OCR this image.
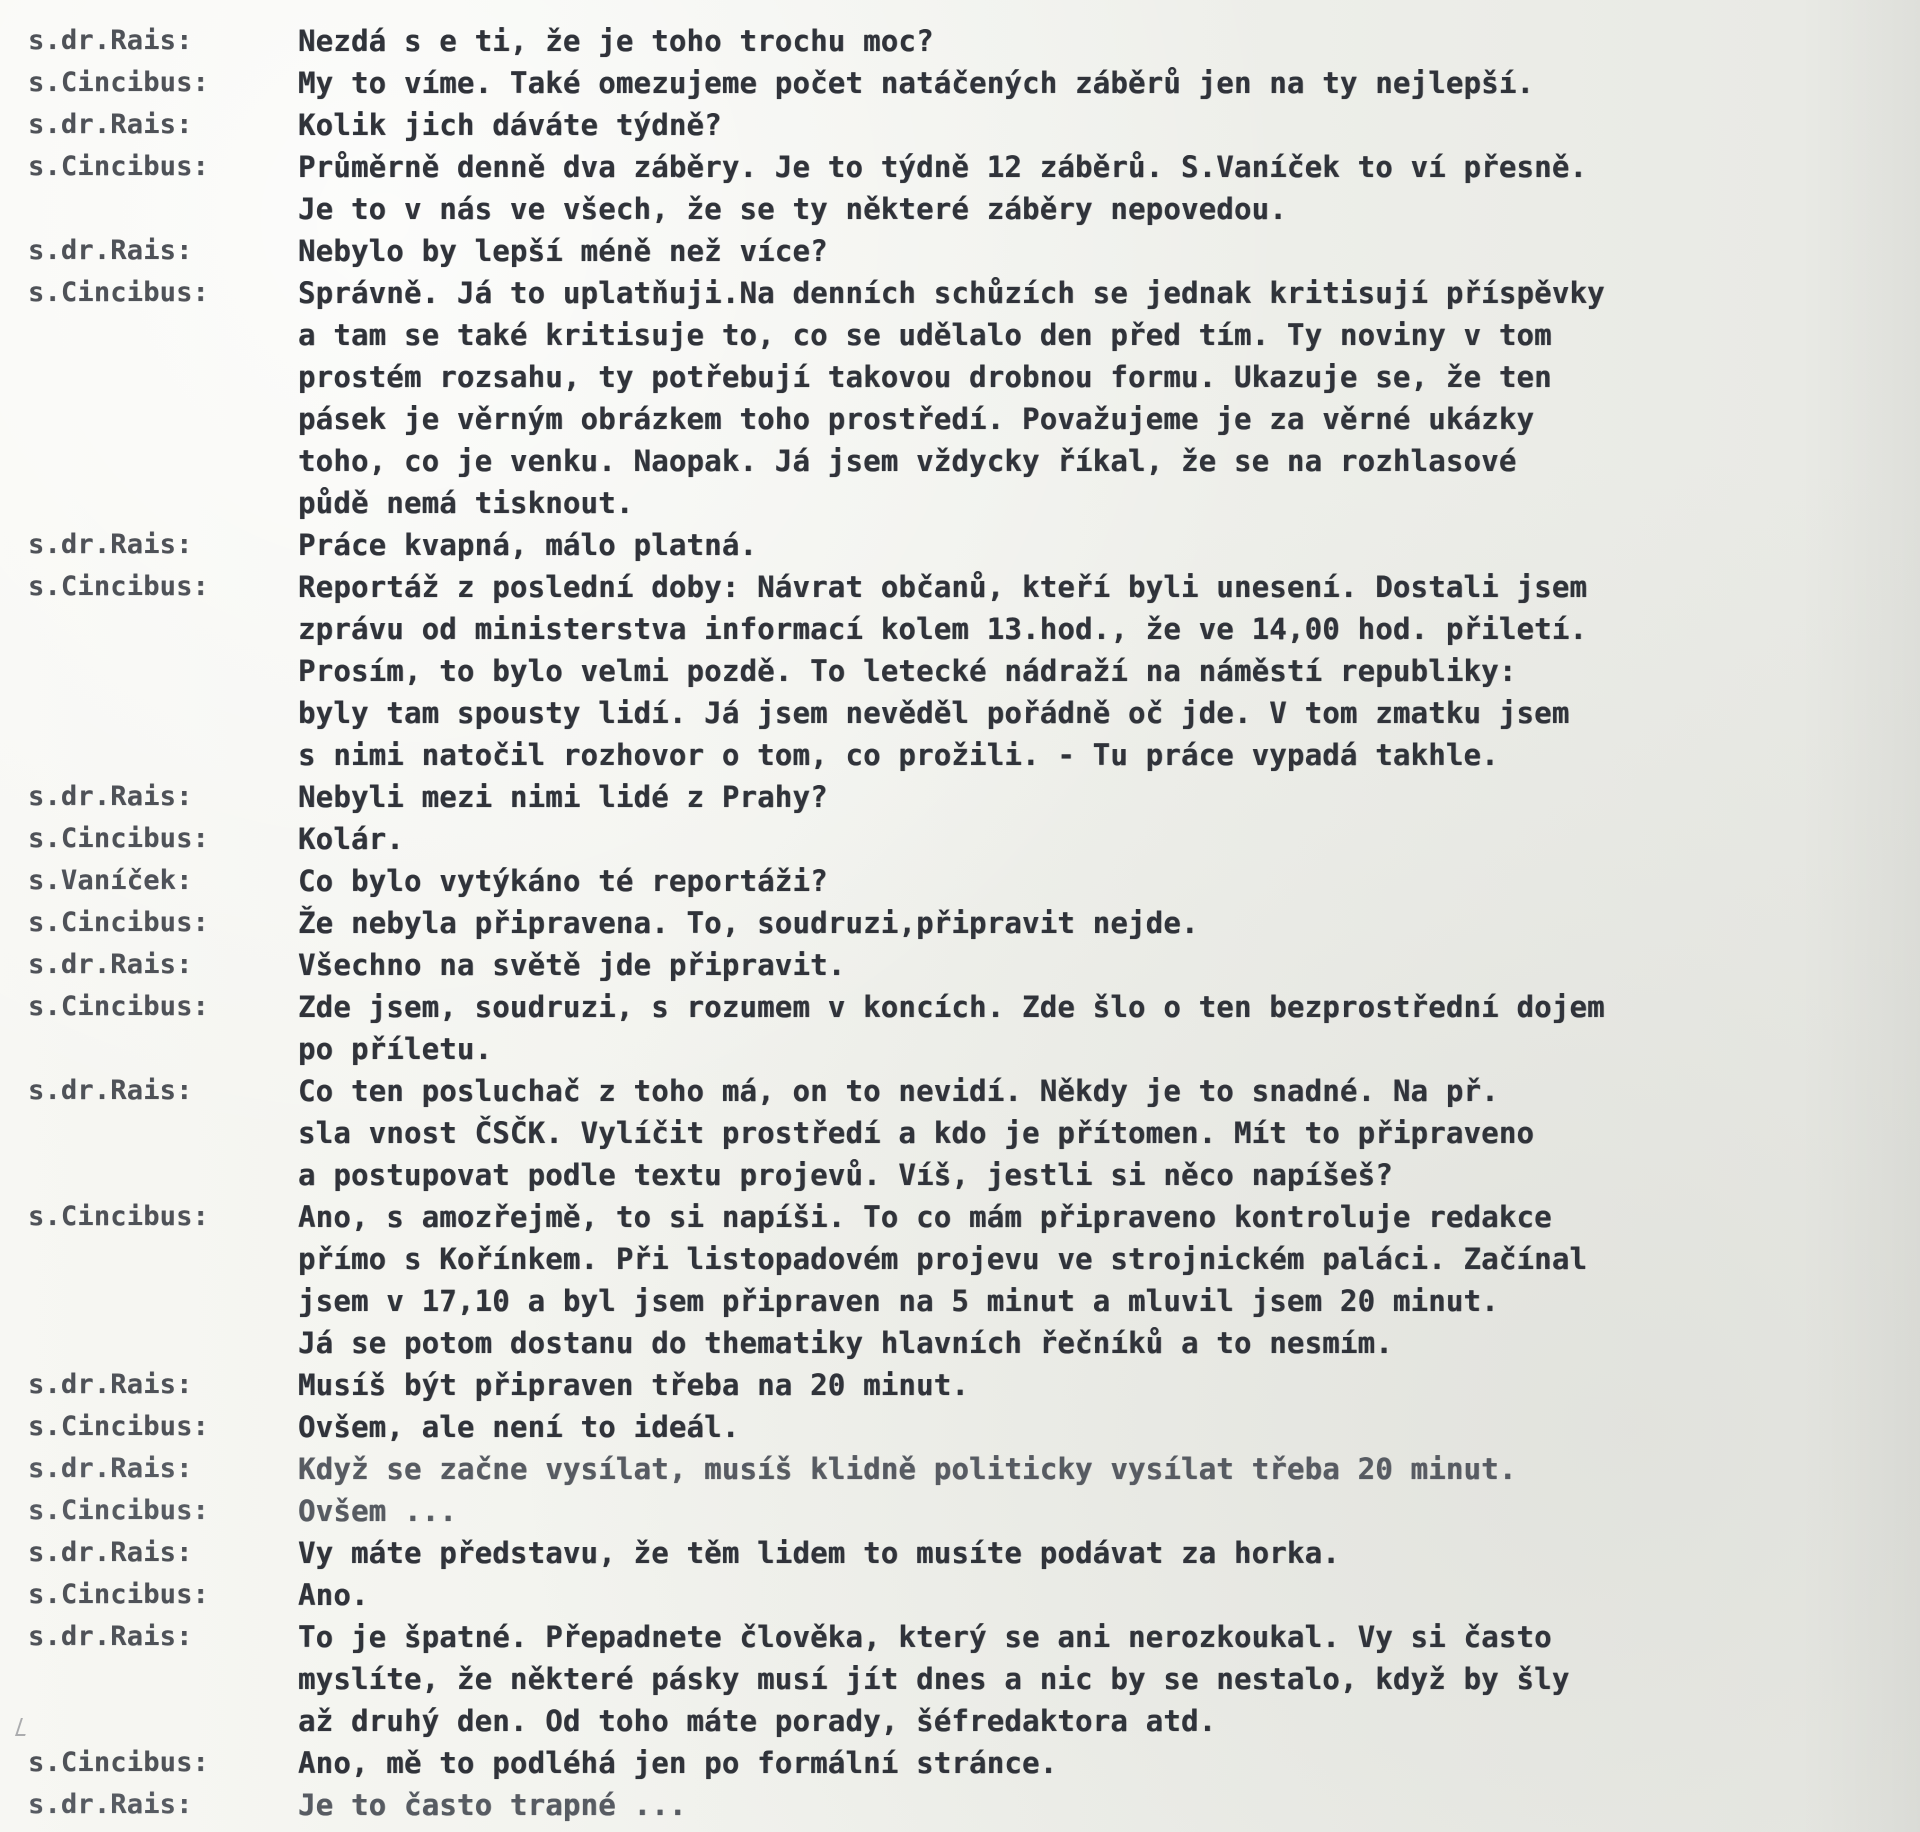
s.dr.Rais:	Nezdá s e ti, že je toho trochu moc?
s.Cincibus:	My to víme. Také omezujeme počet natáčených záběrů jen na ty nejlepší.
s.dr.Rais:	Kolik jich dáváte týdně?
s.Cincibus:	Průměrně denně dva záběry. Je to týdně 12 záběrů. S.Vaníček to ví přesně.
Je to v nás ve všech, že se ty některé záběry nepovedou.
s.dr.Rais:	Nebylo by lepší méně než více?
s.Cincibus:	Správně. Já to uplatňuji.Na denních schůzích se jednak kritisují příspěvky
a tam se také kritisuje to, co se udělalo den před tím. Ty noviny v tom
prostém rozsahu, ty potřebují takovou drobnou formu. Ukazuje se, že ten
pásek je věrným obrázkem toho prostředí. Považujeme je za věrné ukázky
toho, co je venku. Naopak. Já jsem vždycky říkal, že se na rozhlasové
půdě nemá tisknout.
s.dr.Rais:	Práce kvapná, málo platná.
s.Cincibus:	Reportáž z poslední doby: Návrat občanů, kteří byli unesení. Dostali jsem
zprávu od ministerstva informací kolem 13.hod., že ve 14,00 hod. přiletí.
Prosím, to bylo velmi pozdě. To letecké nádraží na náměstí republiky:
byly tam spousty lidí. Já jsem nevěděl pořádně oč jde. V tom zmatku jsem
s nimi natočil rozhovor o tom, co prožili. - Tu práce vypadá takhle.
s.dr.Rais:	Nebyli mezi nimi lidé z Prahy?
s.Cincibus:	Kolár.
s.Vaníček:	Co bylo vytýkáno té reportáži?
s.Cincibus:	Že nebyla připravena. To, soudruzi,připravit nejde.
s.dr.Rais:	Všechno na světě jde připravit.
s.Cincibus:	Zde jsem, soudruzi, s rozumem v koncích. Zde šlo o ten bezprostřední dojem
po příletu.
s.dr.Rais:	Co ten posluchač z toho má, on to nevidí. Někdy je to snadné. Na př.
sla vnost ČSČK. Vylíčit prostředí a kdo je přítomen. Mít to připraveno
a postupovat podle textu projevů. Víš, jestli si něco napíšeš?
s.Cincibus:	Ano, s amozřejmě, to si napíši. To co mám připraveno kontroluje redakce
přímo s Kořínkem. Při listopadovém projevu ve strojnickém paláci. Začínal
jsem v 17,10 a byl jsem připraven na 5 minut a mluvil jsem 20 minut.
Já se potom dostanu do thematiky hlavních řečníků a to nesmím.
s.dr.Rais:	Musíš být připraven třeba na 20 minut.
s.Cincibus:	Ovšem, ale není to ideál.
s.dr.Rais:	Když se začne vysílat, musíš klidně politicky vysílat třeba 20 minut.
s.Cincibus:	Ovšem ...
s.dr.Rais:	Vy máte představu, že těm lidem to musíte podávat za horka.
s.Cincibus:	Ano.
s.dr.Rais:	To je špatné. Přepadnete člověka, který se ani nerozkoukal. Vy si často
myslíte, že některé pásky musí jít dnes a nic by se nestalo, když by šly
až druhý den. Od toho máte porady, šéfredaktora atd.
s.Cincibus:	Ano, mě to podléhá jen po formální stránce.
s.dr.Rais:	Je to často trapné ...
